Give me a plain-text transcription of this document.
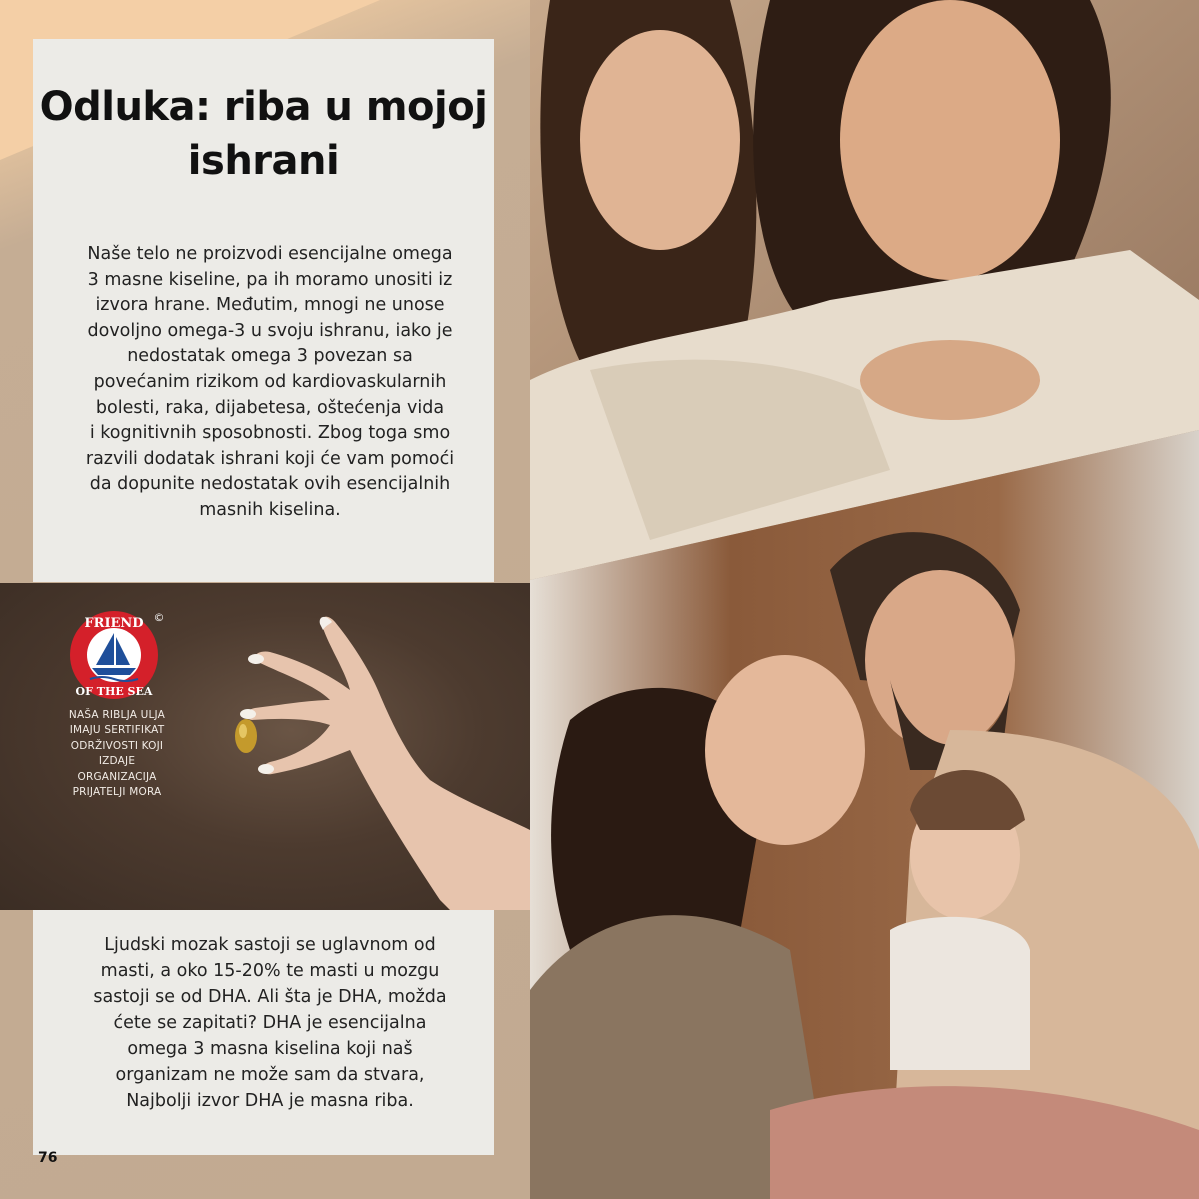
Odluka: riba u mojoj
ishrani
Naše telo ne proizvodi esencijalne omega
3 masne kiseline, pa ih moramo unositi iz
izvora hrane. Međutim, mnogi ne unose
dovoljno omega-3 u svoju ishranu, iako je
nedostatak omega 3 povezan sa
povećanim rizikom od kardiovaskularnih
bolesti, raka, dijabetesa, oštećenja vida
i kognitivnih sposobnosti. Zbog toga smo
razvili dodatak ishrani koji će vam pomoći
da dopunite nedostatak ovih esencijalnih
masnih kiselina.
FRIEND
OF THE SEA
©
NAŠA RIBLJA ULJA
IMAJU SERTIFIKAT
ODRŽIVOSTI KOJI
IZDAJE
ORGANIZACIJA
PRIJATELJI MORA
Ljudski mozak sastoji se uglavnom od
masti, a oko 15-20% te masti u mozgu
sastoji se od DHA. Ali šta je DHA, možda
ćete se zapitati? DHA je esencijalna
omega 3 masna kiselina koji naš
organizam ne može sam da stvara,
Najbolji izvor DHA je masna riba.
76
